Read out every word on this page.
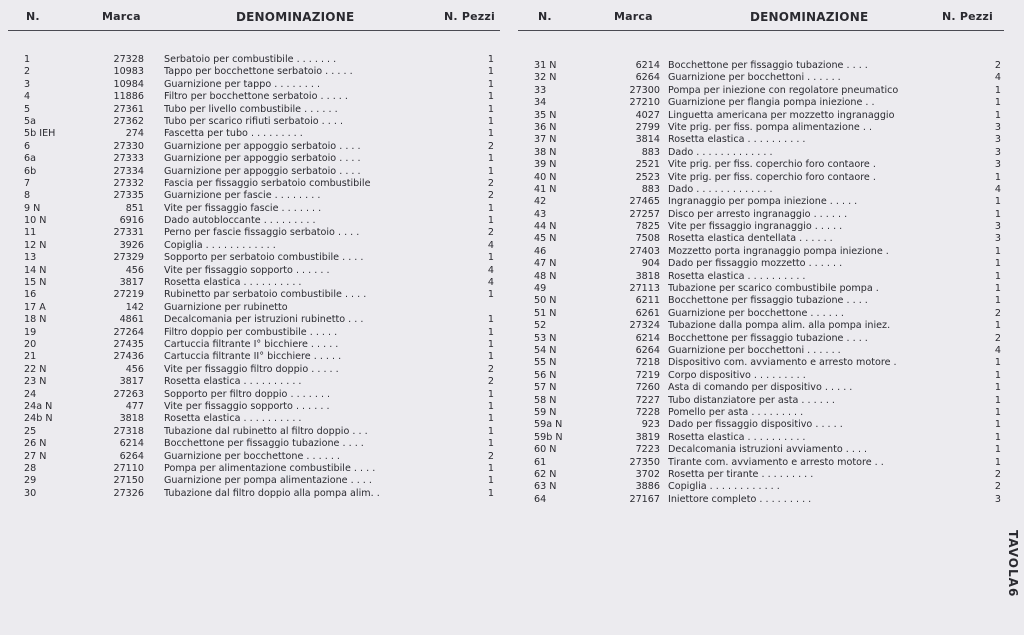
N.	Marca	DENOMINAZIONE	N. Pezzi
1	27328 Serbatoio per combustibile . . . . . . .	1
2	10983 Tappo per bocchettone serbatoio . . . . .	1
3	10984 Guarnizione per tappo . . . . . . . .	1
4	11886 Filtro per bocchettone serbatoio . . . . .	1
5	27361 Tubo per livello combustibile . . . . . .	1
5a	27362 Tubo per scarico rifiuti serbatoio . . . .	1
5b IEH	274 Fascetta per tubo . . . . . . . . .	1
6	27330 Guarnizione per appoggio serbatoio . . . .	2
6a	27333 Guarnizione per appoggio serbatoio . . . .	1
6b	27334 Guarnizione per appoggio serbatoio . . . .	1
7	27332 Fascia per fissaggio serbatoio combustibile	2
8	27335 Guarnizione per fascie . . . . . . . .	2
9 N	851 Vite per fissaggio fascie . . . . . . .	1
10 N	6916 Dado autobloccante . . . . . . . . .	1
11	27331 Perno per fascie fissaggio serbatoio . . . .	2
12 N	3926 Copiglia . . . . . . . . . . . .	4
13	27329 Sopporto per serbatoio combustibile . . . .	1
14 N	456 Vite per fissaggio sopporto . . . . . .	4
15 N	3817 Rosetta elastica . . . . . . . . . .	4
16	27219 Rubinetto par serbatoio combustibile . . . .	1
17 A	142 Guarnizione per rubinetto
18 N	4861 Decalcomania per istruzioni rubinetto . . .	1
19	27264 Filtro doppio per combustibile . . . . .	1
20	27435 Cartuccia filtrante I° bicchiere . . . . .	1
21	27436 Cartuccia filtrante II° bicchiere . . . . .	1
22 N	456 Vite per fissaggio filtro doppio . . . . .	2
23 N	3817 Rosetta elastica . . . . . . . . . .	2
24	27263 Sopporto per filtro doppio . . . . . . .	1
24a N	477 Vite per fissaggio sopporto . . . . . .	1
24b N	3818 Rosetta elastica . . . . . . . . . .	1
25	27318 Tubazione dal rubinetto al filtro doppio . . .	1
26 N	6214 Bocchettone per fissaggio tubazione . . . .	1
27 N	6264 Guarnizione per bocchettone . . . . . .	2
28	27110 Pompa per alimentazione combustibile . . . .	1
29	27150 Guarnizione per pompa alimentazione . . . .	1
30	27326 Tubazione dal filtro doppio alla pompa alim. .	1
N.	Marca	DENOMINAZIONE	N. Pezzi
31 N	6214 Bocchettone per fissaggio tubazione . . . .	2
32 N	6264 Guarnizione per bocchettoni . . . . . .	4
33	27300 Pompa per iniezione con regolatore pneumatico	1
34	27210 Guarnizione per flangia pompa iniezione . .	1
35 N	4027 Linguetta americana per mozzetto ingranaggio	1
36 N	2799 Vite prig. per fiss. pompa alimentazione . .	3
37 N	3814 Rosetta elastica . . . . . . . . . .	3
38 N	883 Dado . . . . . . . . . . . . .	3
39 N	2521 Vite prig. per fiss. coperchio foro contaore .	3
40 N	2523 Vite prig. per fiss. coperchio foro contaore .	1
41 N	883 Dado . . . . . . . . . . . . .	4
42	27465 Ingranaggio per pompa iniezione . . . . .	1
43	27257 Disco per arresto ingranaggio . . . . . .	1
44 N	7825 Vite per fissaggio ingranaggio . . . . .	3
45 N	7508 Rosetta elastica dentellata . . . . . .	3
46	27403 Mozzetto porta ingranaggio pompa iniezione .	1
47 N	904 Dado per fissaggio mozzetto . . . . . .	1
48 N	3818 Rosetta elastica . . . . . . . . . .	1
49	27113 Tubazione per scarico combustibile pompa .	1
50 N	6211 Bocchettone per fissaggio tubazione . . . .	1
51 N	6261 Guarnizione per bocchettone . . . . . .	2
52	27324 Tubazione dalla pompa alim. alla pompa iniez.	1
53 N	6214 Bocchettone per fissaggio tubazione . . . .	2
54 N	6264 Guarnizione per bocchettoni . . . . . .	4
55 N	7218 Dispositivo com. avviamento e arresto motore .	1
56 N	7219 Corpo dispositivo . . . . . . . . .	1
57 N	7260 Asta di comando per dispositivo . . . . .	1
58 N	7227 Tubo distanziatore per asta . . . . . .	1
59 N	7228 Pomello per asta . . . . . . . . .	1
59a N	923 Dado per fissaggio dispositivo . . . . .	1
59b N	3819 Rosetta elastica . . . . . . . . . .	1
60 N	7223 Decalcomania istruzioni avviamento . . . .	1
61	27350 Tirante com. avviamento e arresto motore . .	1
62 N	3702 Rosetta per tirante . . . . . . . . .	2
63 N	3886 Copiglia . . . . . . . . . . . .	2
64	27167 Iniettore completo . . . . . . . . .	3
TAVOLA
6
